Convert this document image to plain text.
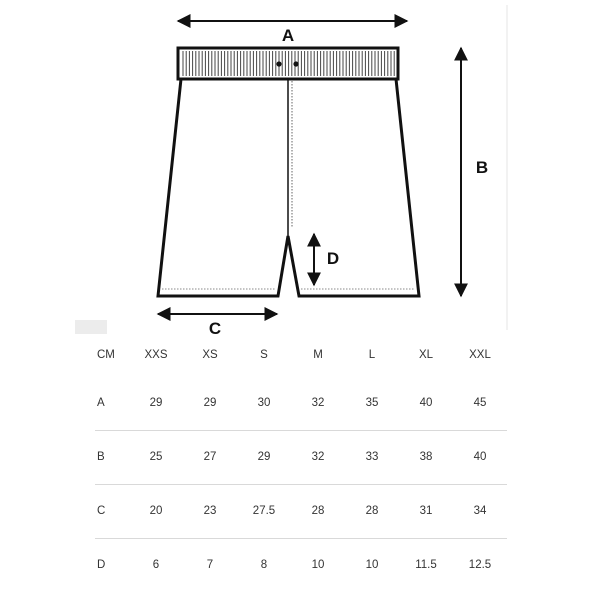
A
B
C
D
CM	XXS	XS	S	M	L	XL	XXL
A	29	29	30	32	35	40	45
B	25	27	29	32	33	38	40
C	20	23	27.5	28	28	31	34
D	6	7	8	10	10	11.5	12.5
